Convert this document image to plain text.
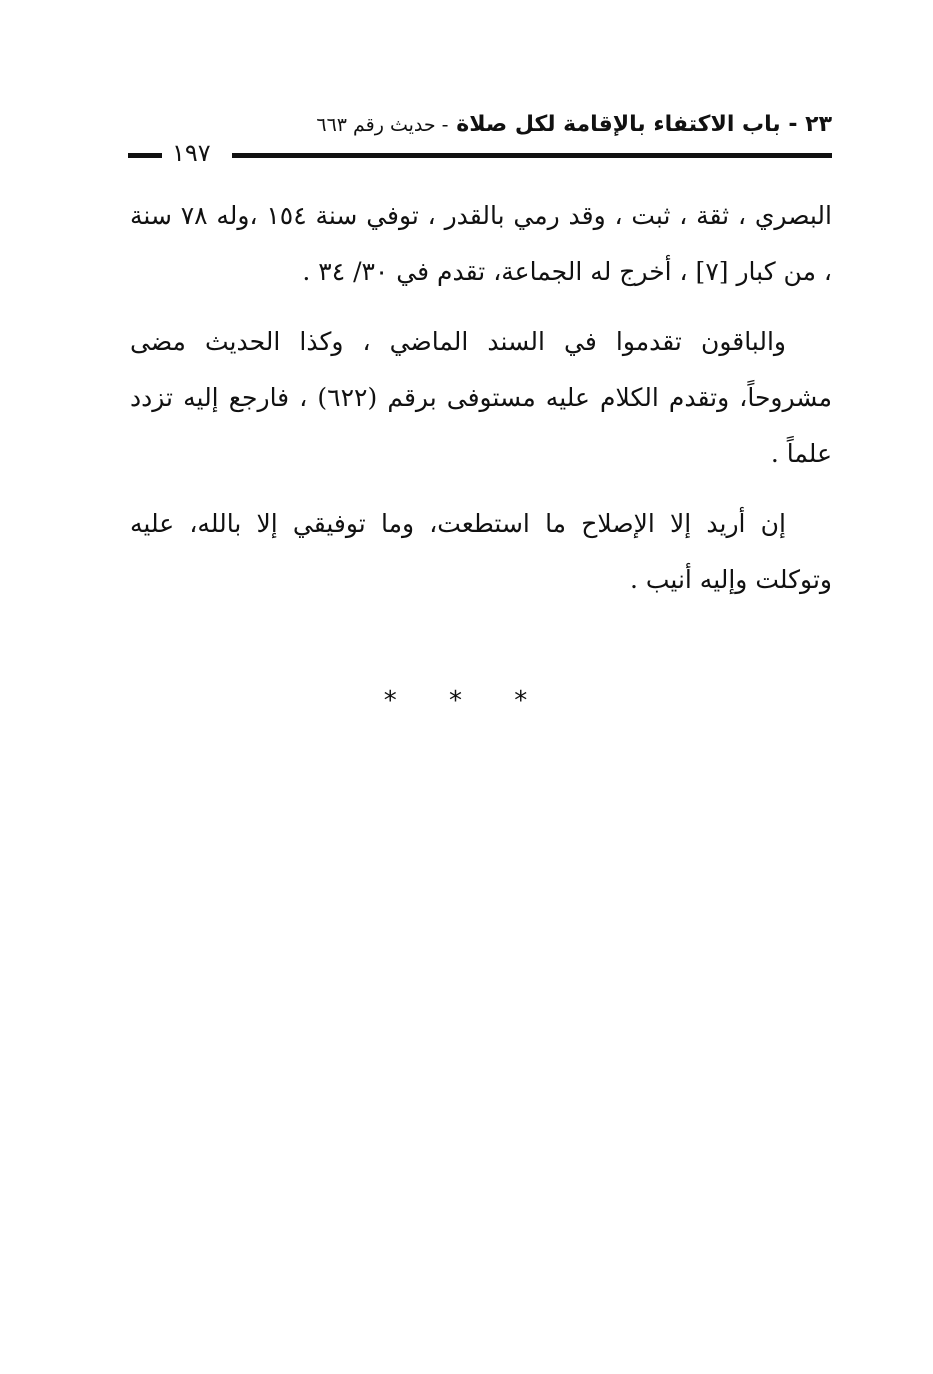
٢٣ - باب الاكتفاء بالإقامة لكل صلاة - حديث رقم ٦٦٣
١٩٧

البصري ، ثقة ، ثبت ، وقد رمي بالقدر ، توفي سنة ١٥٤ ،وله ٧٨ سنة ، من كبار [٧] ، أخرج له الجماعة، تقدم في ٣٠/ ٣٤ .

والباقون تقدموا في السند الماضي ، وكذا الحديث مضى مشروحاً، وتقدم الكلام عليه مستوفى برقم (٦٢٢) ، فارجع إليه تزدد علماً .

إن أريد إلا الإصلاح ما استطعت، وما توفيقي إلا بالله، عليه وتوكلت وإليه أنيب .

* * *
